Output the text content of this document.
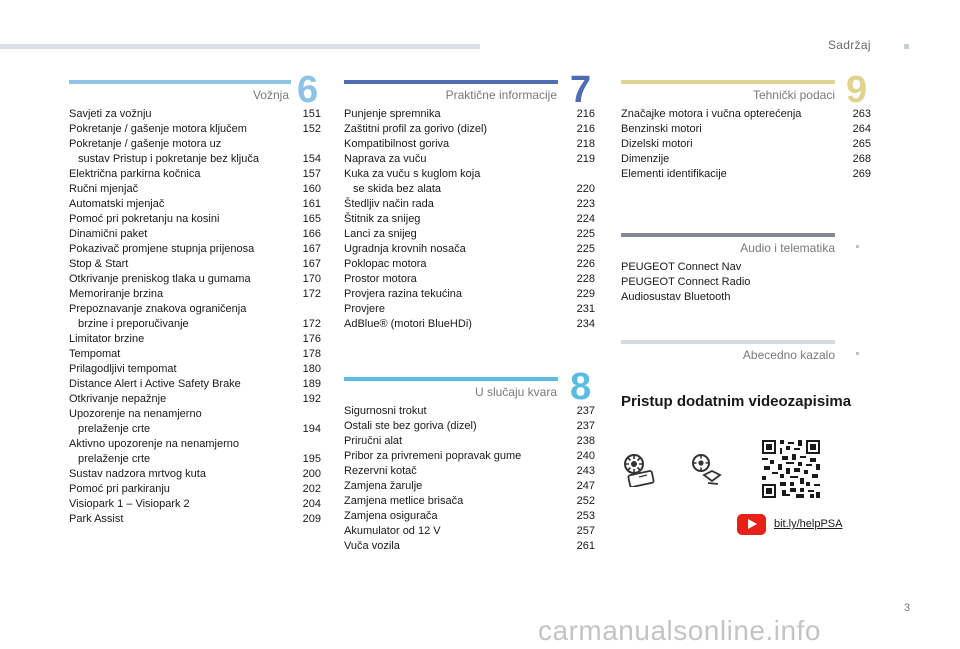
Sadržaj
Vožnja 6
Savjeti za vožnju	151
Pokretanje / gašenje motora ključem	152
Pokretanje / gašenje motora uz
sustav Pristup i pokretanje bez ključa	154
Električna parkirna kočnica	157
Ručni mjenjač	160
Automatski mjenjač	161
Pomoć pri pokretanju na kosini	165
Dinamični paket	166
Pokazivač promjene stupnja prijenosa	167
Stop & Start	167
Otkrivanje preniskog tlaka u gumama	170
Memoriranje brzina	172
Prepoznavanje znakova ograničenja
brzine i preporučivanje	172
Limitator brzine	176
Tempomat	178
Prilagodljivi tempomat	180
Distance Alert i Active Safety Brake	189
Otkrivanje nepažnje	192
Upozorenje na nenamjerno
prelaženje crte	194
Aktivno upozorenje na nenamjerno
prelaženje crte	195
Sustav nadzora mrtvog kuta	200
Pomoć pri parkiranju	202
Visiopark 1 – Visiopark 2	204
Park Assist	209
Praktične informacije 7
Punjenje spremnika	216
Zaštitni profil za gorivo (dizel)	216
Kompatibilnost goriva	218
Naprava za vuču	219
Kuka za vuču s kuglom koja
se skida bez alata	220
Štedljiv način rada	223
Štitnik za snijeg	224
Lanci za snijeg	225
Ugradnja krovnih nosača	225
Poklopac motora	226
Prostor motora	228
Provjera razina tekućina	229
Provjere	231
AdBlue® (motori BlueHDi)	234
U slučaju kvara 8
Sigurnosni trokut	237
Ostali ste bez goriva (dizel)	237
Priručni alat	238
Pribor za privremeni popravak gume	240
Rezervni kotač	243
Zamjena žarulje	247
Zamjena metlice brisača	252
Zamjena osigurača	253
Akumulator od 12 V	257
Vuča vozila	261
Tehnički podaci 9
Značajke motora i vučna opterećenja	263
Benzinski motori	264
Dizelski motori	265
Dimenzije	268
Elementi identifikacije	269
Audio i telematika
PEUGEOT Connect Nav
PEUGEOT Connect Radio
Audiosustav Bluetooth
Abecedno kazalo
Pristup dodatnim videozapisima
bit.ly/helpPSA
3
carmanualsonline.info
